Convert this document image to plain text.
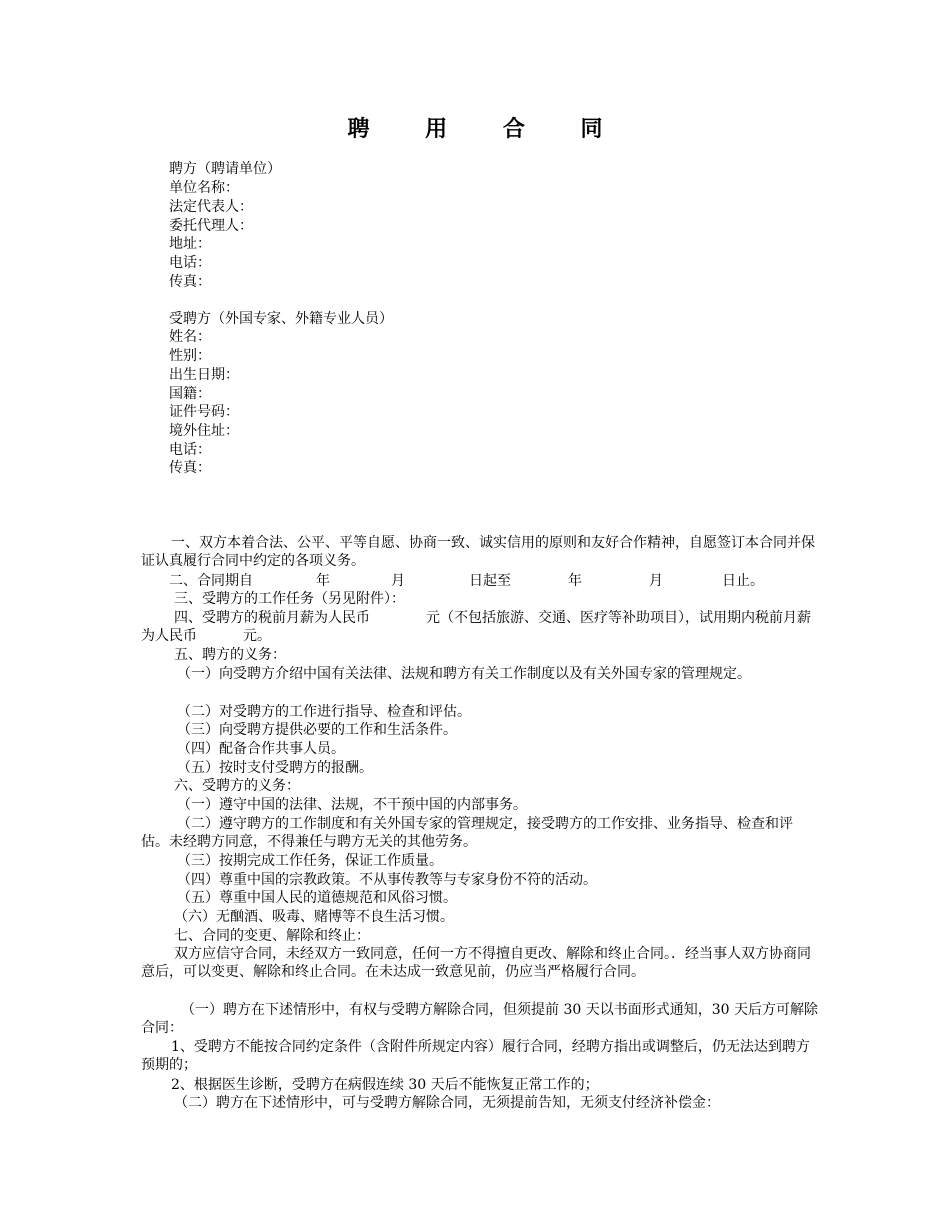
聘 用 合 同
聘方（聘请单位）
单位名称：
法定代表人：
委托代理人：
地址：
电话：
传真：
受聘方（外国专家、外籍专业人员）
姓名：
性别：
出生日期：
国籍：
证件号码：
境外住址：
电话：
传真：

一、双方本着合法、公平、平等自愿、协商一致、诚实信用的原则和友好合作精神，自愿签订本合同并保证认真履行合同中约定的各项义务。

二、合同期自	年	月	日起至	年	月	日止。
三、受聘方的工作任务（另见附件）：

四、受聘方的税前月薪为人民币	元（不包括旅游、交通、医疗等补助项目），试用期内税前月薪为人民币	元。

五、聘方的义务：

（一）向受聘方介绍中国有关法律、法规和聘方有关工作制度以及有关外国专家的管理规定。

（二）对受聘方的工作进行指导、检查和评估。
（三）向受聘方提供必要的工作和生活条件。
（四）配备合作共事人员。
（五）按时支付受聘方的报酬。
六、受聘方的义务：
（一）遵守中国的法律、法规，不干预中国的内部事务。

（二）遵守聘方的工作制度和有关外国专家的管理规定，接受聘方的工作安排、业务指导、检查和评估。未经聘方同意，不得兼任与聘方无关的其他劳务。

（三）按期完成工作任务，保证工作质量。
（四）尊重中国的宗教政策。不从事传教等与专家身份不符的活动。
（五）尊重中国人民的道德规范和风俗习惯。
（六）无酗酒、吸毒、赌博等不良生活习惯。
七、合同的变更、解除和终止：

双方应信守合同，未经双方一致同意，任何一方不得擅自更改、解除和终止合同。．经当事人双方协商同意后，可以变更、解除和终止合同。在未达成一致意见前，仍应当严格履行合同。

（一）聘方在下述情形中，有权与受聘方解除合同，但须提前 30 天以书面形式通知，30 天后方可解除合同：

1、受聘方不能按合同约定条件（含附件所规定内容）履行合同，经聘方指出或调整后，仍无法达到聘方预期的；

2、根据医生诊断，受聘方在病假连续 30 天后不能恢复正常工作的；
（二）聘方在下述情形中，可与受聘方解除合同，无须提前告知，无须支付经济补偿金：
